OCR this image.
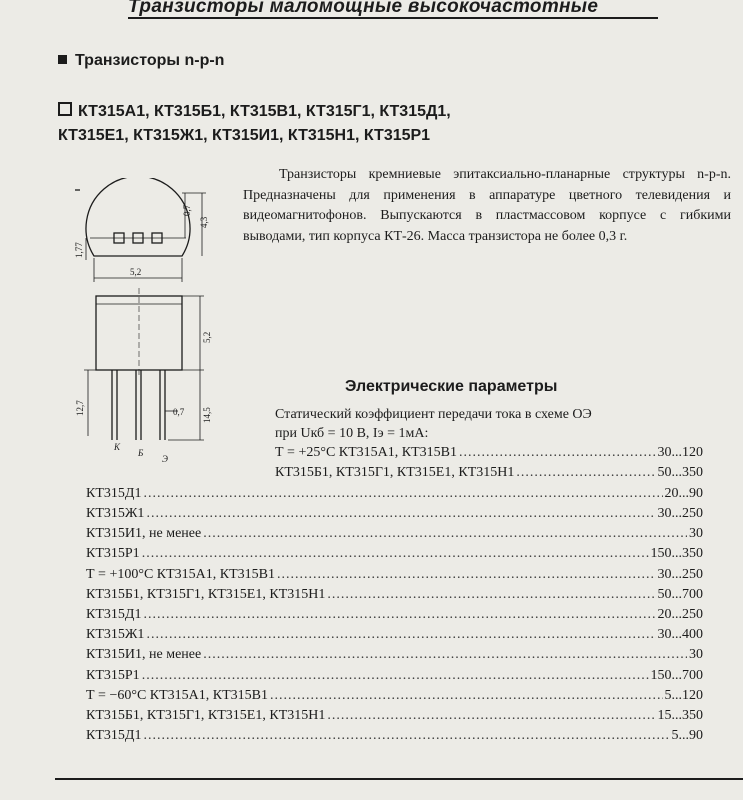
Транзисторы маломощные высокочастотные
Транзисторы n-p-n
КТ315А1, КТ315Б1, КТ315В1, КТ315Г1, КТ315Д1,
КТ315Е1, КТ315Ж1, КТ315И1, КТ315Н1, КТ315Р1
Транзисторы кремниевые эпитаксиально-планарные структуры n-p-n. Предназначены для применения в аппаратуре цветного телевидения и видеомагнитофонов. Выпускаются в пластмассовом корпусе с гибкими выводами, тип корпуса КТ-26. Масса транзистора не более 0,3 г.
0,7
4,3
1,77
5,2
5,2
12,7	14,5
0,7
К
Б
Э
Электрические параметры
Статический коэффициент передачи тока в схеме ОЭ
при Uкб = 10 В, Iэ = 1мА:
Т = +25°С КТ315А1, КТ315В1 .....	30...120
КТ315Б1, КТ315Г1, КТ315Е1, КТ315Н1 .....	50...350
КТ315Д1 .....	20...90
КТ315Ж1 .....	30...250
КТ315И1, не менее .....	30
КТ315Р1 .....	150...350
Т = +100°С КТ315А1, КТ315В1 .....	30...250
КТ315Б1, КТ315Г1, КТ315Е1, КТ315Н1 .....	50...700
КТ315Д1 .....	20...250
КТ315Ж1 .....	30...400
КТ315И1, не менее .....	30
КТ315Р1 .....	150...700
Т = −60°С КТ315А1, КТ315В1 .....	5...120
КТ315Б1, КТ315Г1, КТ315Е1, КТ315Н1 .....	15...350
КТ315Д1 .....	5...90
